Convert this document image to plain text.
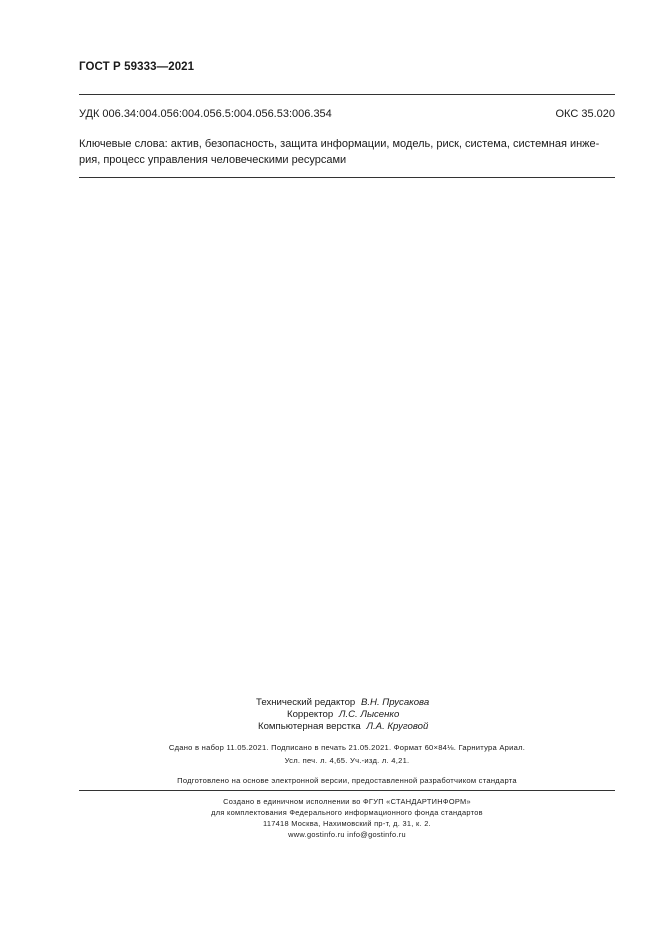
ГОСТ Р 59333—2021
УДК 006.34:004.056:004.056.5:004.056.53:006.354	ОКС 35.020
Ключевые слова: актив, безопасность, защита информации, модель, риск, система, системная инже-
рия, процесс управления человеческими ресурсами
Технический редактор В.Н. Прусакова
Корректор Л.С. Лысенко
Компьютерная верстка Л.А. Круговой
Сдано в набор 11.05.2021. Подписано в печать 21.05.2021. Формат 60×84⅛. Гарнитура Ариал.
Усл. печ. л. 4,65. Уч.-изд. л. 4,21.
Подготовлено на основе электронной версии, предоставленной разработчиком стандарта
Создано в единичном исполнении во ФГУП «СТАНДАРТИНФОРМ»
для комплектования Федерального информационного фонда стандартов
117418 Москва, Нахимовский пр-т, д. 31, к. 2.
www.gostinfo.ru info@gostinfo.ru
